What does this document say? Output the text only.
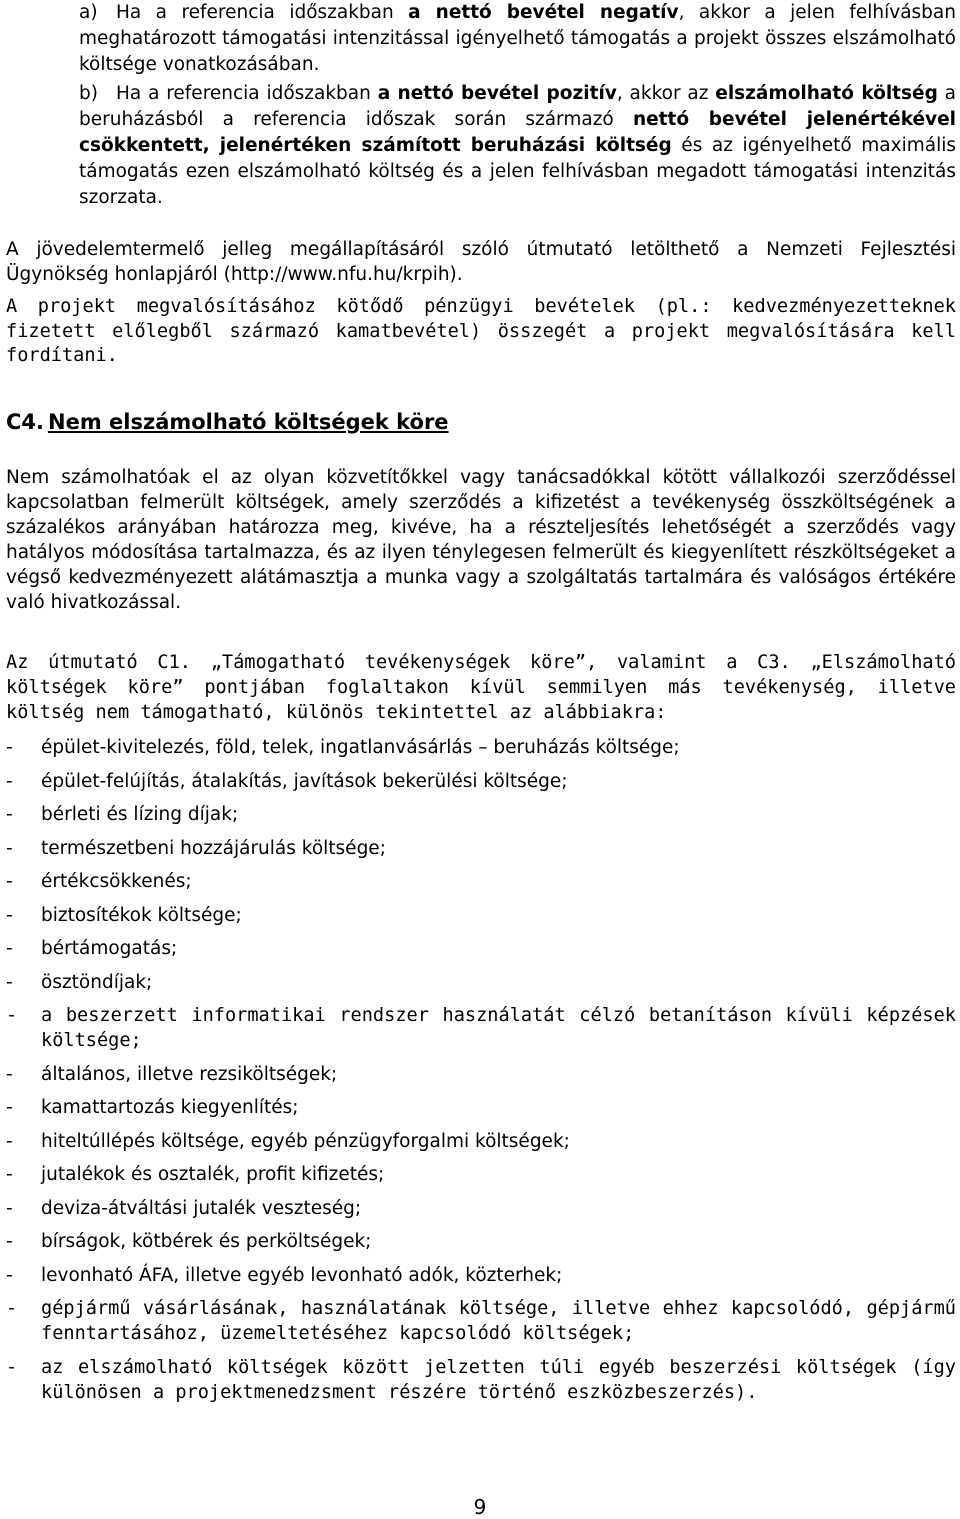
a) Ha a referencia időszakban a nettó bevétel negatív, akkor a jelen felhívásban meghatározott támogatási intenzitással igényelhető támogatás a projekt összes elszámolható költsége vonatkozásában.

b) Ha a referencia időszakban a nettó bevétel pozitív, akkor az elszámolható költség a beruházásból a referencia időszak során származó nettó bevétel jelenértékével csökkentett, jelenértéken számított beruházási költség és az igényelhető maximális támogatás ezen elszámolható költség és a jelen felhívásban megadott támogatási intenzitás szorzata.

A jövedelemtermelő jelleg megállapításáról szóló útmutató letölthető a Nemzeti Fejlesztési Ügynökség honlapjáról (http://www.nfu.hu/krpih).

A projekt megvalósításához kötődő pénzügyi bevételek (pl.: kedvezményezetteknek fizetett előlegből származó kamatbevétel) összegét a projekt megvalósítására kell fordítani.

C4. Nem elszámolható költségek köre

Nem számolhatóak el az olyan közvetítőkkel vagy tanácsadókkal kötött vállalkozói szerződéssel kapcsolatban felmerült költségek, amely szerződés a kifizetést a tevékenység összköltségének a százalékos arányában határozza meg, kivéve, ha a részteljesítés lehetőségét a szerződés vagy hatályos módosítása tartalmazza, és az ilyen ténylegesen felmerült és kiegyenlített részköltségeket a végső kedvezményezett alátámasztja a munka vagy a szolgáltatás tartalmára és valóságos értékére való hivatkozással.

Az útmutató C1. „Támogatható tevékenységek köre”, valamint a C3. „Elszámolható költségek köre” pontjában foglaltakon kívül semmilyen más tevékenység, illetve költség nem támogatható, különös tekintettel az alábbiakra:

-	épület-kivitelezés, föld, telek, ingatlanvásárlás – beruházás költsége;
-	épület-felújítás, átalakítás, javítások bekerülési költsége;
-	bérleti és lízing díjak;
-	természetbeni hozzájárulás költsége;
-	értékcsökkenés;
-	biztosítékok költsége;
-	bértámogatás;
-	ösztöndíjak;
-	a beszerzett informatikai rendszer használatát célzó betanításon kívüli képzések költsége;
-	általános, illetve rezsiköltségek;
-	kamattartozás kiegyenlítés;
-	hiteltúllépés költsége, egyéb pénzügyforgalmi költségek;
-	jutalékok és osztalék, profit kifizetés;
-	deviza-átváltási jutalék veszteség;
-	bírságok, kötbérek és perköltségek;
-	levonható ÁFA, illetve egyéb levonható adók, közterhek;
-	gépjármű vásárlásának, használatának költsége, illetve ehhez kapcsolódó, gépjármű fenntartásához, üzemeltetéséhez kapcsolódó költségek;
-	az elszámolható költségek között jelzetten túli egyéb beszerzési költségek (így különösen a projektmenedzsment részére történő eszközbeszerzés).
9
